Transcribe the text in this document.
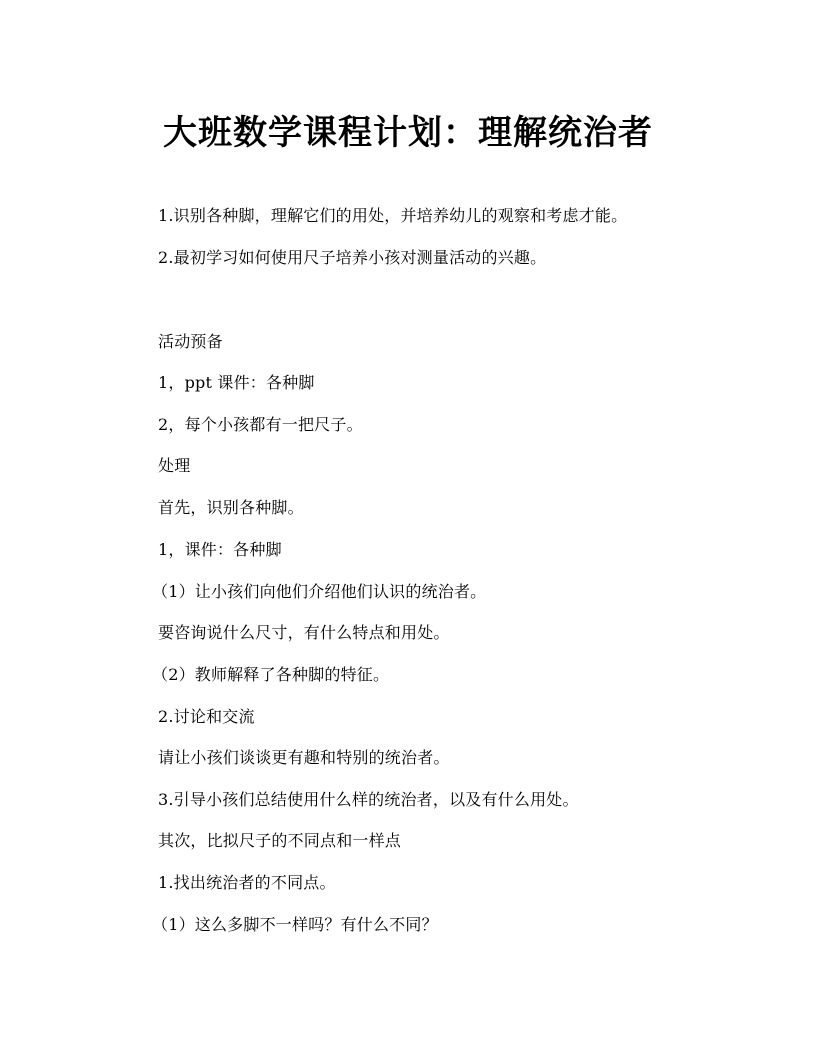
大班数学课程计划：理解统治者
1.识别各种脚，理解它们的用处，并培养幼儿的观察和考虑才能。
2.最初学习如何使用尺子培养小孩对测量活动的兴趣。
活动预备
1，ppt 课件：各种脚
2，每个小孩都有一把尺子。
处理
首先，识别各种脚。
1，课件：各种脚
（1）让小孩们向他们介绍他们认识的统治者。
要咨询说什么尺寸，有什么特点和用处。
（2）教师解释了各种脚的特征。
2.讨论和交流
请让小孩们谈谈更有趣和特别的统治者。
3.引导小孩们总结使用什么样的统治者，以及有什么用处。
其次，比拟尺子的不同点和一样点
1.找出统治者的不同点。
（1）这么多脚不一样吗？有什么不同？
